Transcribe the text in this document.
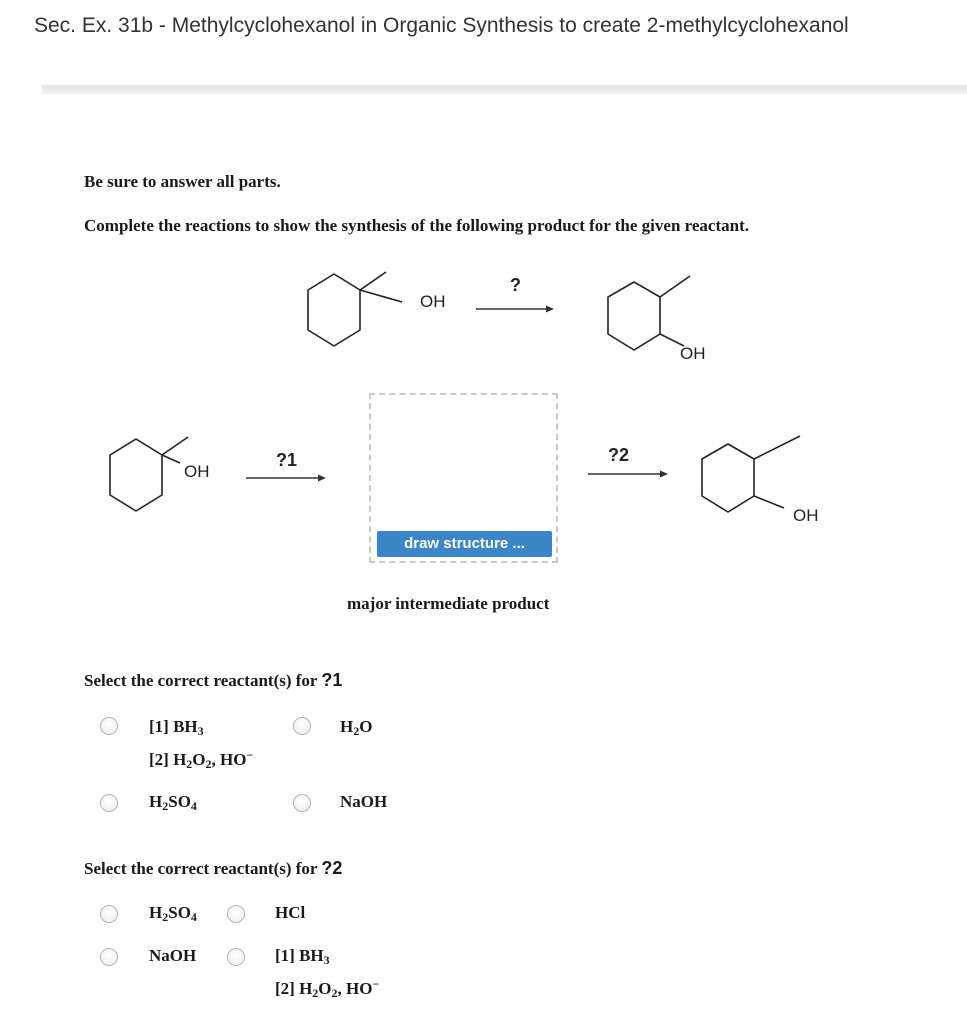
Sec. Ex. 31b - Methylcyclohexanol in Organic Synthesis to create 2-methylcyclohexanol
Be sure to answer all parts.
Complete the reactions to show the synthesis of the following product for the given reactant.
OH
?
OH
OH
?1
draw structure ...
major intermediate product
?2
OH
Select the correct reactant(s) for ?1
[1] $BH_3$
[2] $H_2O_2$, HO−
$H_2O$
$H_2SO_4$	NaOH
Select the correct reactant(s) for ?2
$H_2SO_4$	HCl
NaOH	[1] $BH_3$
[2] $H_2O_2$, HO−
